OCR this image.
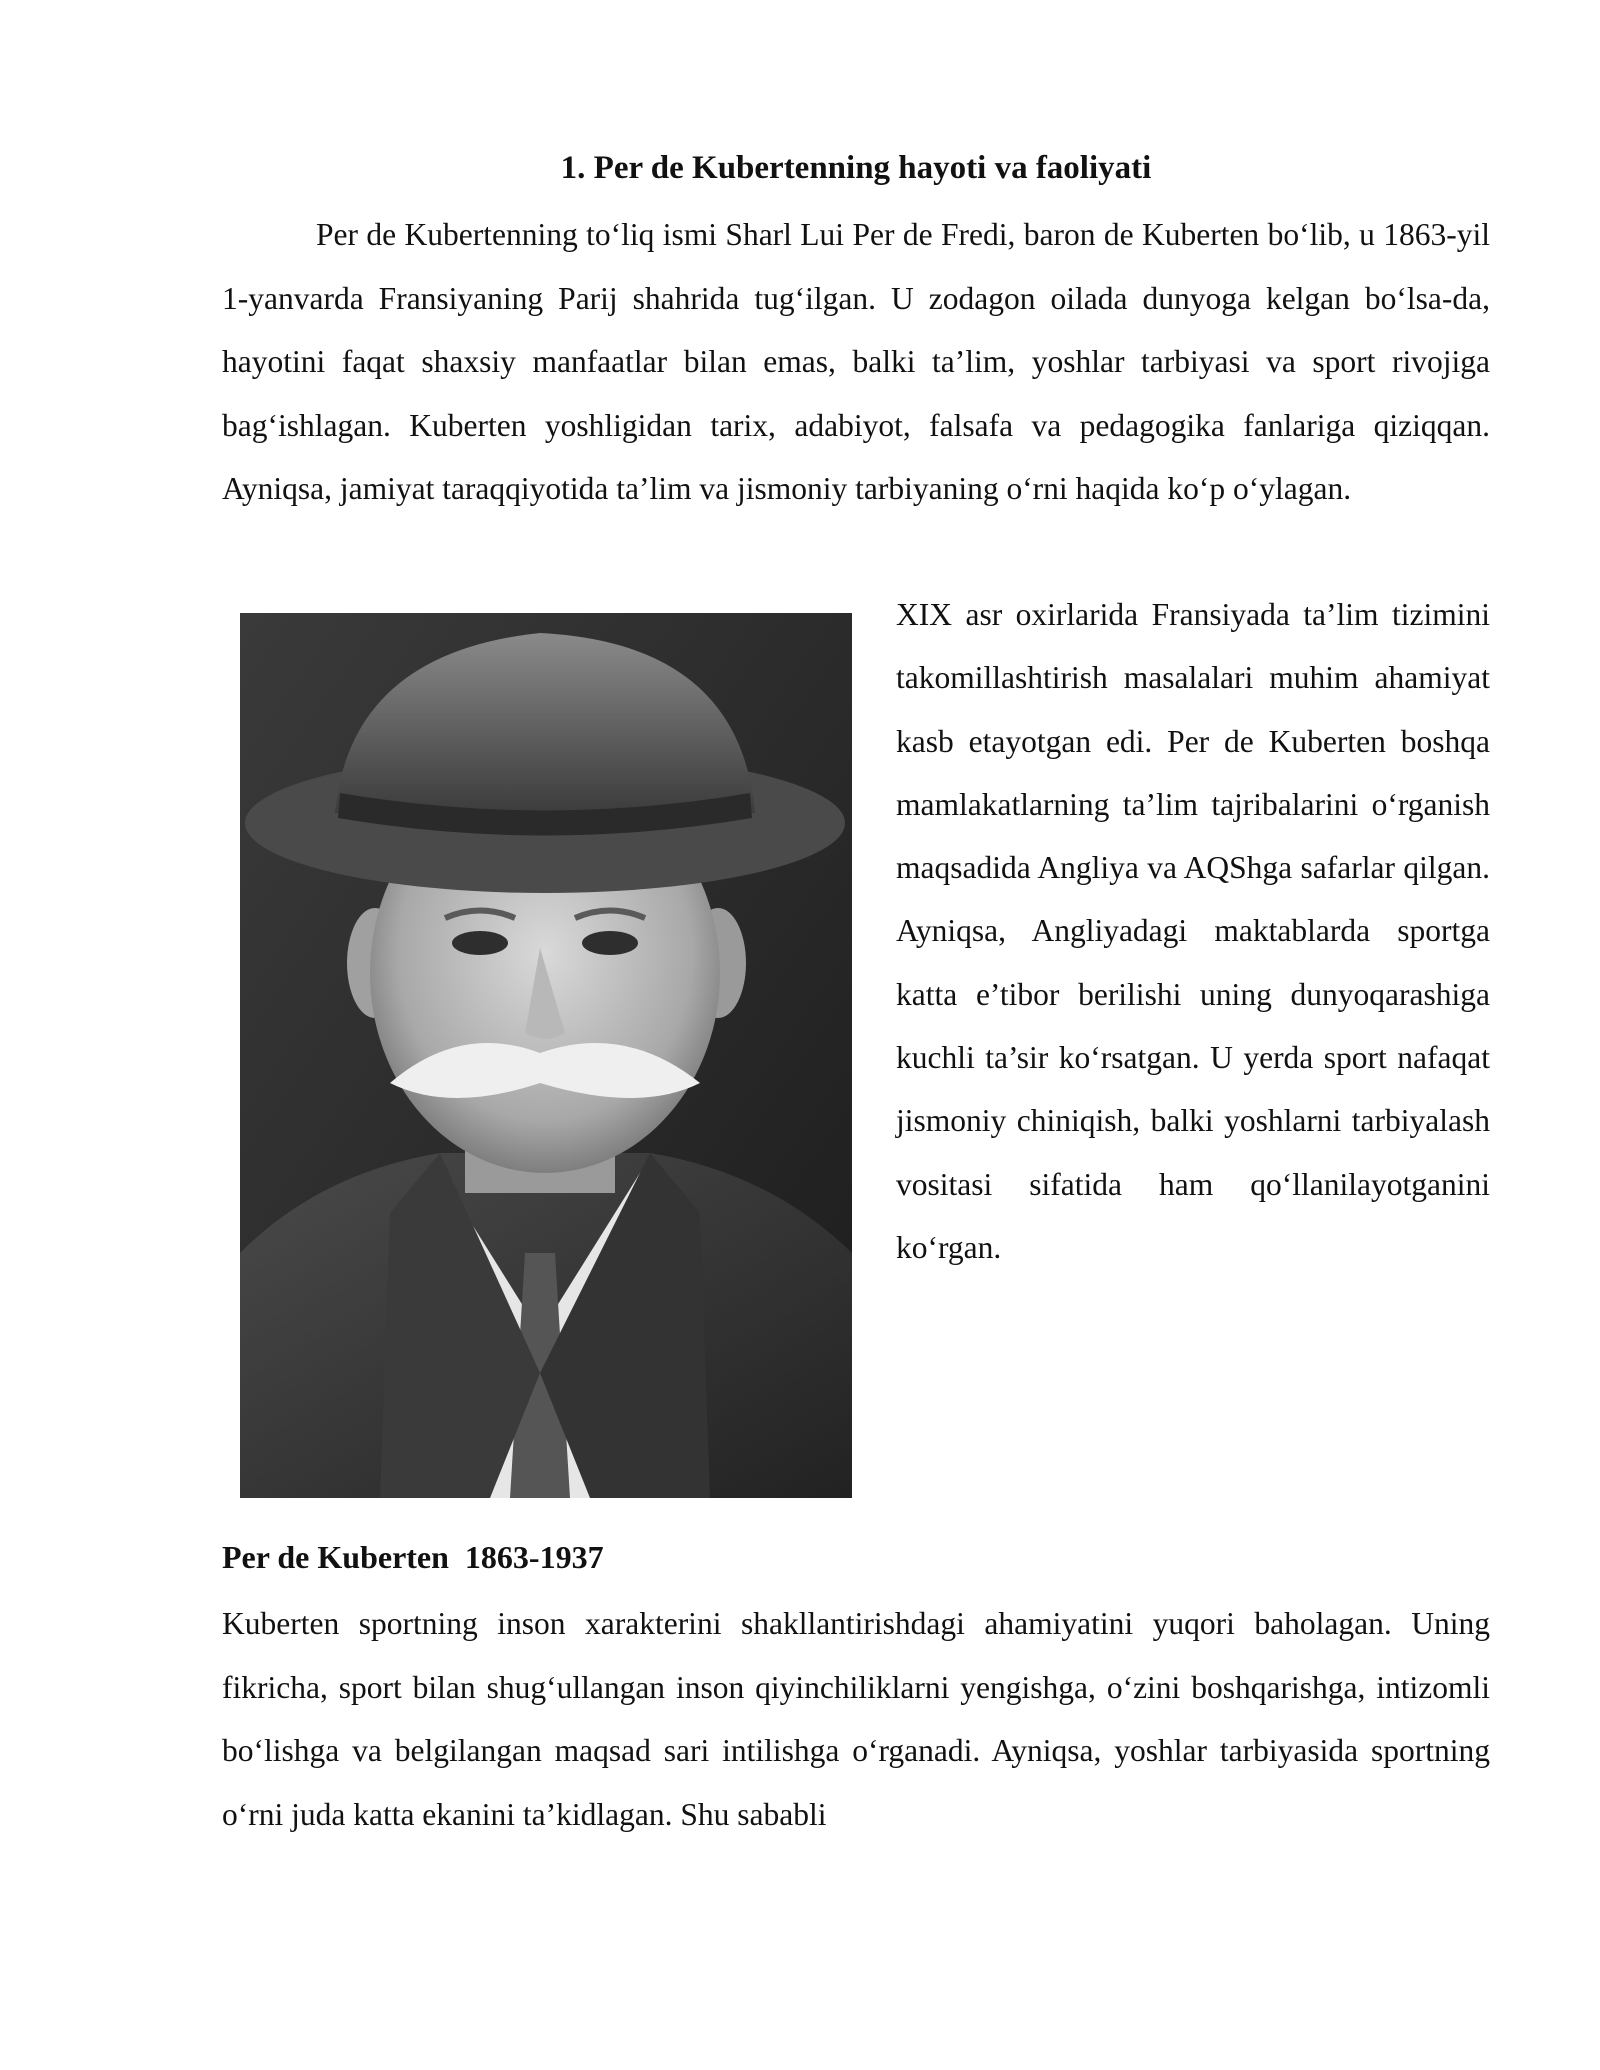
1. Per de Kubertenning hayoti va faoliyati

Per de Kubertenning to‘liq ismi Sharl Lui Per de Fredi, baron de Kuberten bo‘lib, u 1863-yil 1-yanvarda Fransiyaning Parij shahrida tug‘ilgan. U zodagon oilada dunyoga kelgan bo‘lsa-da, hayotini faqat shaxsiy manfaatlar bilan emas, balki ta’lim, yoshlar tarbiyasi va sport rivojiga bag‘ishlagan. Kuberten yoshligidan tarix, adabiyot, falsafa va pedagogika fanlariga qiziqqan. Ayniqsa, jamiyat taraqqiyotida ta’lim va jismoniy tarbiyaning o‘rni haqida ko‘p o‘ylagan.

XIX asr oxirlarida Fransiyada ta’lim tizimini takomillashtirish masalalari muhim ahamiyat kasb etayotgan edi. Per de Kuberten boshqa mamlakatlarning ta’lim tajribalarini o‘rganish maqsadida Angliya va AQShga safarlar qilgan. Ayniqsa, Angliyadagi maktablarda sportga katta e’tibor berilishi uning dunyoqarashiga kuchli ta’sir ko‘rsatgan. U yerda sport nafaqat jismoniy chiniqish, balki yoshlarni tarbiyalash vositasi sifatida ham qo‘llanilayotganini ko‘rgan.

Per de Kuberten  1863-1937

Kuberten sportning inson xarakterini shakllantirishdagi ahamiyatini yuqori baholagan. Uning fikricha, sport bilan shug‘ullangan inson qiyinchiliklarni yengishga, o‘zini boshqarishga, intizomli bo‘lishga va belgilangan maqsad sari intilishga o‘rganadi. Ayniqsa, yoshlar tarbiyasida sportning o‘rni juda katta ekanini ta’kidlagan. Shu sababli
